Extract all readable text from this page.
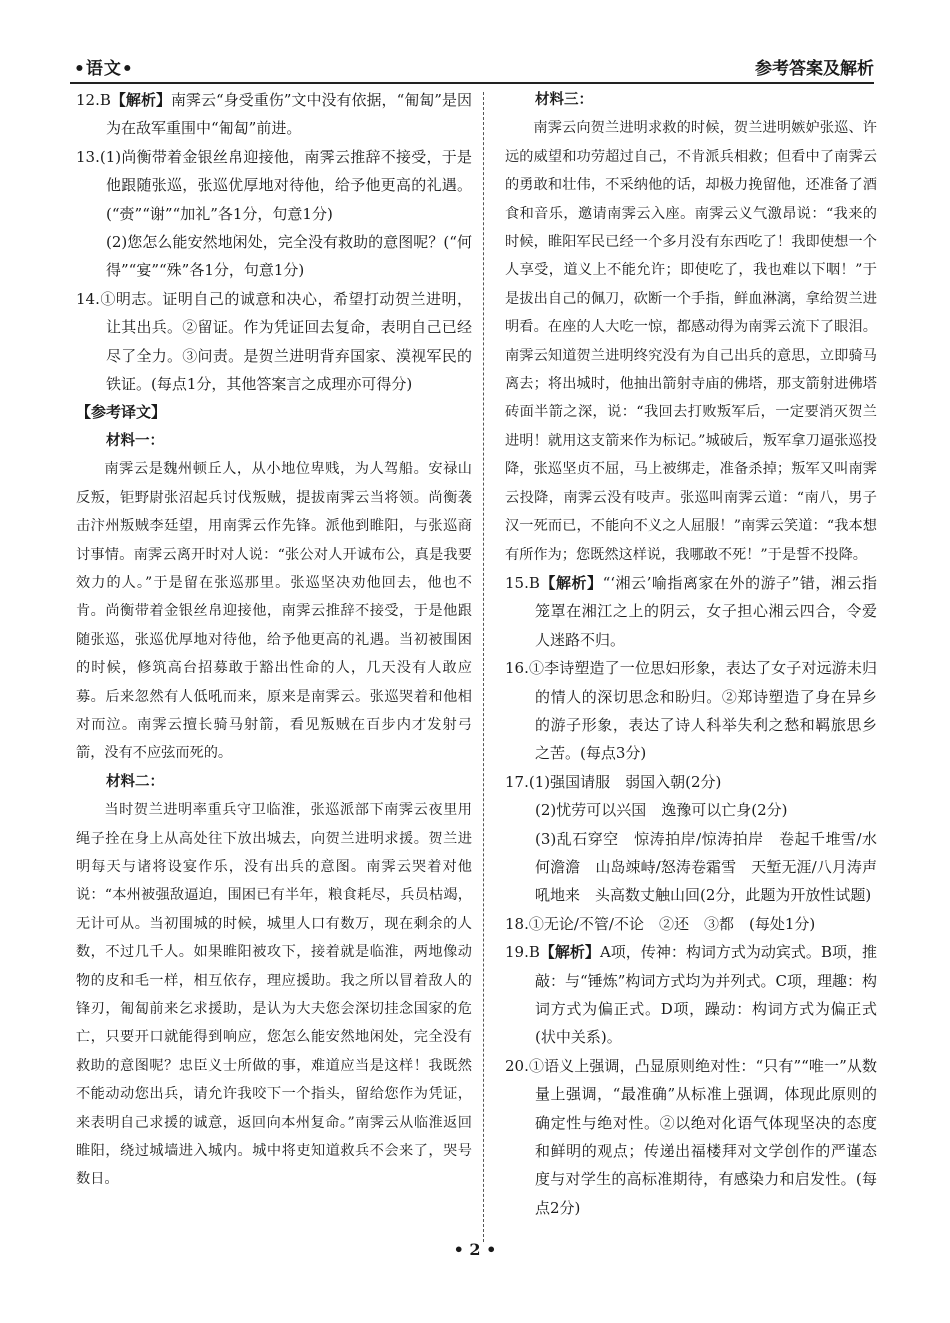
•语文•	参考答案及解析

12.B【解析】南霁云“身受重伤”文中没有依据，“匍匐”是因为在敌军重围中“匍匐”前进。

13.(1)尚衡带着金银丝帛迎接他，南霁云推辞不接受，于是他跟随张巡，张巡优厚地对待他，给予他更高的礼遇。(“赍”“谢”“加礼”各1分，句意1分)

(2)您怎么能安然地闲处，完全没有救助的意图呢？(“何得”“宴”“殊”各1分，句意1分)

14.①明志。证明自己的诚意和决心，希望打动贺兰进明，让其出兵。②留证。作为凭证回去复命，表明自己已经尽了全力。③问责。是贺兰进明背弃国家、漠视军民的铁证。(每点1分，其他答案言之成理亦可得分)

【参考译文】

材料一：

南霁云是魏州顿丘人，从小地位卑贱，为人驾船。安禄山反叛，钜野尉张沼起兵讨伐叛贼，提拔南霁云当将领。尚衡袭击汴州叛贼李廷望，用南霁云作先锋。派他到睢阳，与张巡商讨事情。南霁云离开时对人说：“张公对人开诚布公，真是我要效力的人。”于是留在张巡那里。张巡坚决劝他回去，他也不肯。尚衡带着金银丝帛迎接他，南霁云推辞不接受，于是他跟随张巡，张巡优厚地对待他，给予他更高的礼遇。当初被围困的时候，修筑高台招募敢于豁出性命的人，几天没有人敢应募。后来忽然有人低吼而来，原来是南霁云。张巡哭着和他相对而泣。南霁云擅长骑马射箭，看见叛贼在百步内才发射弓箭，没有不应弦而死的。

材料二：

当时贺兰进明率重兵守卫临淮，张巡派部下南霁云夜里用绳子拴在身上从高处往下放出城去，向贺兰进明求援。贺兰进明每天与诸将设宴作乐，没有出兵的意图。南霁云哭着对他说：“本州被强敌逼迫，围困已有半年，粮食耗尽，兵员枯竭，无计可从。当初围城的时候，城里人口有数万，现在剩余的人数，不过几千人。如果睢阳被攻下，接着就是临淮，两地像动物的皮和毛一样，相互依存，理应援助。我之所以冒着敌人的锋刃，匍匐前来乞求援助，是认为大夫您会深切挂念国家的危亡，只要开口就能得到响应，您怎么能安然地闲处，完全没有救助的意图呢？忠臣义士所做的事，难道应当是这样！我既然不能动动您出兵，请允许我咬下一个指头，留给您作为凭证，来表明自己求援的诚意，返回向本州复命。”南霁云从临淮返回睢阳，绕过城墙进入城内。城中将吏知道救兵不会来了，哭号数日。

材料三：

南霁云向贺兰进明求救的时候，贺兰进明嫉妒张巡、许远的威望和功劳超过自己，不肯派兵相救；但看中了南霁云的勇敢和壮伟，不采纳他的话，却极力挽留他，还准备了酒食和音乐，邀请南霁云入座。南霁云义气激昂说：“我来的时候，睢阳军民已经一个多月没有东西吃了！我即使想一个人享受，道义上不能允许；即使吃了，我也难以下咽！”于是拔出自己的佩刀，砍断一个手指，鲜血淋漓，拿给贺兰进明看。在座的人大吃一惊，都感动得为南霁云流下了眼泪。南霁云知道贺兰进明终究没有为自己出兵的意思，立即骑马离去；将出城时，他抽出箭射寺庙的佛塔，那支箭射进佛塔砖面半箭之深，说：“我回去打败叛军后，一定要消灭贺兰进明！就用这支箭来作为标记。”城破后，叛军拿刀逼张巡投降，张巡坚贞不屈，马上被绑走，准备杀掉；叛军又叫南霁云投降，南霁云没有吱声。张巡叫南霁云道：“南八，男子汉一死而已，不能向不义之人屈服！”南霁云笑道：“我本想有所作为；您既然这样说，我哪敢不死！”于是誓不投降。

15.B【解析】“‘湘云’喻指离家在外的游子”错，湘云指笼罩在湘江之上的阴云，女子担心湘云四合，令爱人迷路不归。

16.①李诗塑造了一位思妇形象，表达了女子对远游未归的情人的深切思念和盼归。②郑诗塑造了身在异乡的游子形象，表达了诗人科举失利之愁和羁旅思乡之苦。(每点3分)

17.(1)强国请服　弱国入朝(2分)

(2)忧劳可以兴国　逸豫可以亡身(2分)

(3)乱石穿空　惊涛拍岸/惊涛拍岸　卷起千堆雪/水何澹澹　山岛竦峙/怒涛卷霜雪　天堑无涯/八月涛声吼地来　头高数丈触山回(2分，此题为开放性试题)

18.①无论/不管/不论　②还　③都　(每处1分)

19.B【解析】A项，传神：构词方式为动宾式。B项，推敲：与“锤炼”构词方式均为并列式。C项，理趣：构词方式为偏正式。D项，躁动：构词方式为偏正式(状中关系)。

20.①语义上强调，凸显原则绝对性：“只有”“唯一”从数量上强调，“最准确”从标准上强调，体现此原则的确定性与绝对性。②以绝对化语气体现坚决的态度和鲜明的观点；传递出福楼拜对文学创作的严谨态度与对学生的高标准期待，有感染力和启发性。(每点2分)

• 2 •
